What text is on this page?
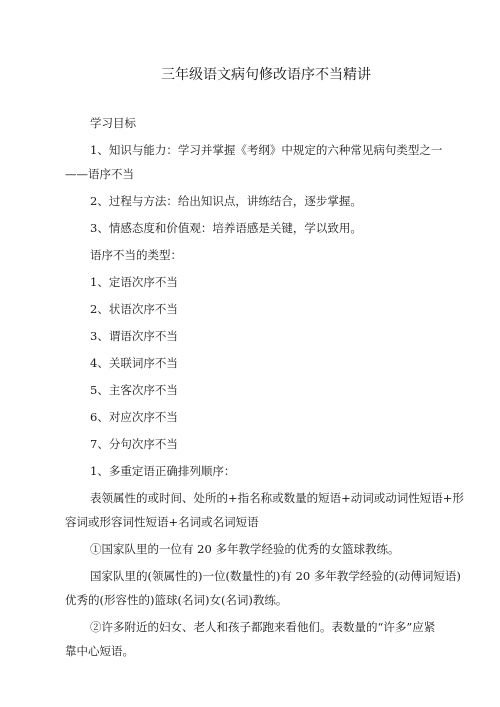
三年级语文病句修改语序不当精讲

学习目标

1、知识与能力：学习并掌握《考纲》中规定的六种常见病句类型之一
——语序不当

2、过程与方法：给出知识点，讲练结合，逐步掌握。

3、情感态度和价值观：培养语感是关键，学以致用。

语序不当的类型：

1、定语次序不当

2、状语次序不当

3、谓语次序不当

4、关联词序不当

5、主客次序不当

6、对应次序不当

7、分句次序不当

1、多重定语正确排列顺序：

表领属性的或时间、处所的+指名称或数量的短语+动词或动词性短语+形
容词或形容词性短语+名词或名词短语

①国家队里的一位有 20 多年教学经验的优秀的女篮球教练。

国家队里的(领属性的)一位(数量性的)有 20 多年教学经验的(动傅词短语)
优秀的(形容性的)篮球(名词)女(名词)教练。
②许多附近的妇女、老人和孩子都跑来看他们。表数量的“许多”应紧
靠中心短语。
